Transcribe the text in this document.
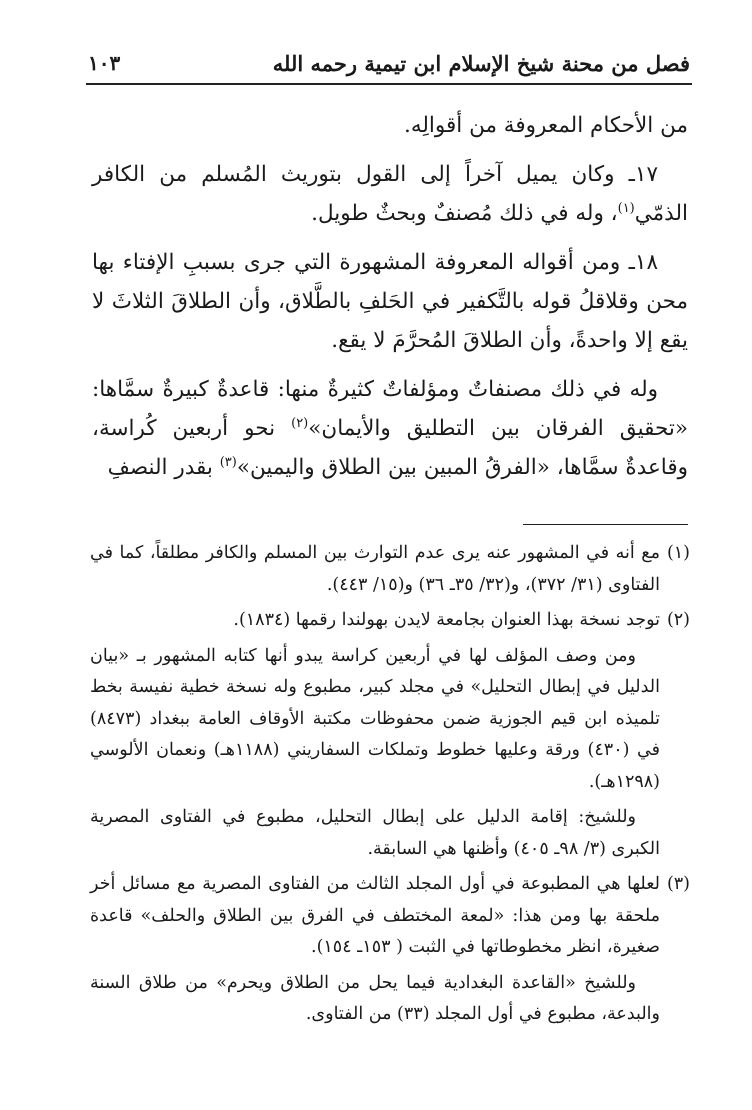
فصل من محنة شيخ الإسلام ابن تيمية رحمه الله
١٠٣

من الأحكام المعروفة من أقوالِه.

١٧ـ وكان يميل آخراً إلى القول بتوريث المُسلم من الكافر الذمّي$^{(١)}$، وله في ذلك مُصنفٌ وبحثٌ طويل.

١٨ـ ومن أقواله المعروفة المشهورة التي جرى بسببِ الإفتاء بها محن وقلاقلُ قوله بالتَّكفير في الحَلفِ بالطَّلاق، وأن الطلاقَ الثلاثَ لا يقع إلا واحدةً، وأن الطلاقَ المُحرَّمَ لا يقع.

وله في ذلك مصنفاتٌ ومؤلفاتٌ كثيرةٌ منها: قاعدةٌ كبيرةٌ سمَّاها: «تحقيق الفرقان بين التطليق والأيمان»$^{(٢)}$ نحو أربعين كُراسة، وقاعدةٌ سمَّاها، «الفرقُ المبين بين الطلاق واليمين»$^{(٣)}$ بقدر النصفِ

(١)

مع أنه في المشهور عنه يرى عدم التوارث بين المسلم والكافر مطلقاً، كما في الفتاوى (٣١/ ٣٧٢)، و(٣٢/ ٣٥ـ ٣٦) و(١٥/ ٤٤٣).

(٢)

توجد نسخة بهذا العنوان بجامعة لايدن بهولندا رقمها (١٨٣٤).

ومن وصف المؤلف لها في أربعين كراسة يبدو أنها كتابه المشهور بـ «بيان الدليل في إبطال التحليل» في مجلد كبير، مطبوع وله نسخة خطية نفيسة بخط تلميذه ابن قيم الجوزية ضمن محفوظات مكتبة الأوقاف العامة ببغداد (٨٤٧٣) في (٤٣٠) ورقة وعليها خطوط وتملكات السفاريني (١١٨٨هـ) ونعمان الألوسي (١٢٩٨هـ).

وللشيخ: إقامة الدليل على إبطال التحليل، مطبوع في الفتاوى المصرية الكبرى (٣/ ٩٨ـ ٤٠٥) وأظنها هي السابقة.

(٣)

لعلها هي المطبوعة في أول المجلد الثالث من الفتاوى المصرية مع مسائل أخر ملحقة بها ومن هذا: «لمعة المختطف في الفرق بين الطلاق والحلف» قاعدة صغيرة، انظر مخطوطاتها في الثبت ( ١٥٣ـ ١٥٤).

وللشيخ «القاعدة البغدادية فيما يحل من الطلاق ويحرم» من طلاق السنة والبدعة، مطبوع في أول المجلد (٣٣) من الفتاوى.
